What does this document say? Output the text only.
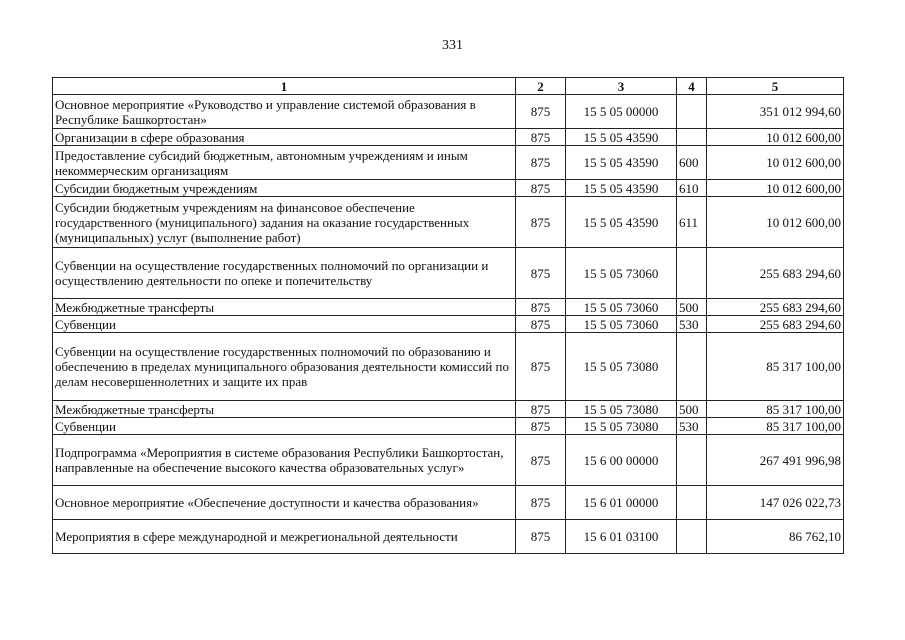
331
1	2	3	4	5
Основное мероприятие «Руководство и управление системой образования в Республике Башкортостан»	875	15 5 05 00000		351 012 994,60
Организации в сфере образования	875	15 5 05 43590		10 012 600,00
Предоставление субсидий бюджетным, автономным учреждениям и иным некоммерческим организациям	875	15 5 05 43590	600	10 012 600,00
Субсидии бюджетным учреждениям	875	15 5 05 43590	610	10 012 600,00
Субсидии бюджетным учреждениям на финансовое обеспечение государственного (муниципального) задания на оказание государственных (муниципальных) услуг (выполнение работ)	875	15 5 05 43590	611	10 012 600,00
Субвенции на осуществление государственных полномочий по организации и осуществлению деятельности по опеке и попечительству	875	15 5 05 73060		255 683 294,60
Межбюджетные трансферты	875	15 5 05 73060	500	255 683 294,60
Субвенции	875	15 5 05 73060	530	255 683 294,60
Субвенции на осуществление государственных полномочий по образованию и обеспечению в пределах муниципального образования деятельности комиссий по делам несовершеннолетних и защите их прав	875	15 5 05 73080		85 317 100,00
Межбюджетные трансферты	875	15 5 05 73080	500	85 317 100,00
Субвенции	875	15 5 05 73080	530	85 317 100,00
Подпрограмма «Мероприятия в системе образования Республики Башкортостан, направленные на обеспечение высокого качества образовательных услуг»	875	15 6 00 00000		267 491 996,98
Основное мероприятие «Обеспечение доступности и качества образования»	875	15 6 01 00000		147 026 022,73
Мероприятия в сфере международной и межрегиональной деятельности	875	15 6 01 03100		86 762,10
